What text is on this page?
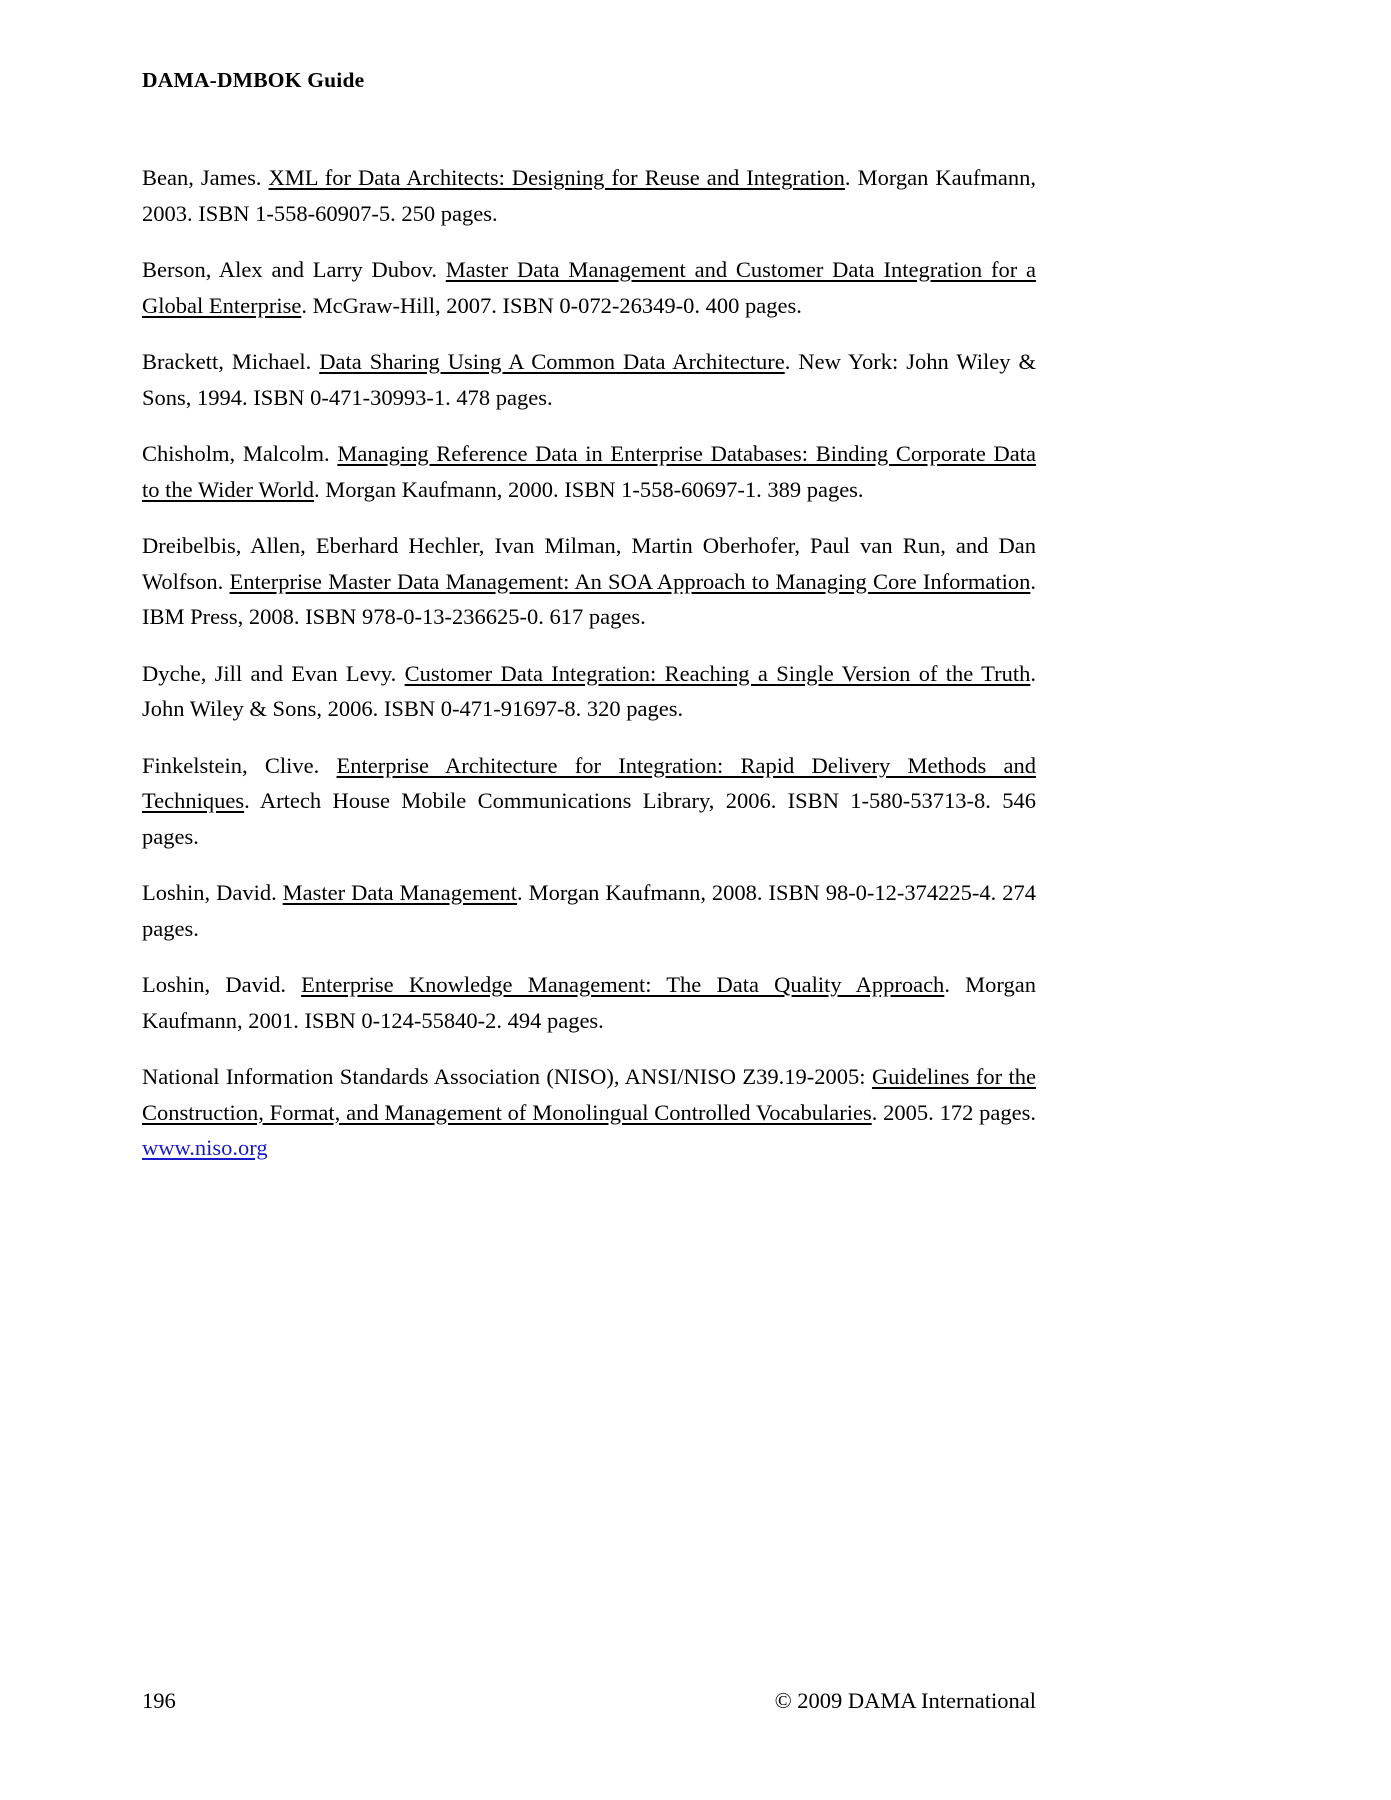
DAMA-DMBOK Guide

Bean, James. XML for Data Architects: Designing for Reuse and Integration. Morgan Kaufmann, 2003. ISBN 1-558-60907-5. 250 pages.

Berson, Alex and Larry Dubov. Master Data Management and Customer Data Integration for a Global Enterprise. McGraw-Hill, 2007. ISBN 0-072-26349-0. 400 pages.

Brackett, Michael. Data Sharing Using A Common Data Architecture. New York: John Wiley & Sons, 1994. ISBN 0-471-30993-1. 478 pages.

Chisholm, Malcolm. Managing Reference Data in Enterprise Databases: Binding Corporate Data to the Wider World. Morgan Kaufmann, 2000. ISBN 1-558-60697-1. 389 pages.

Dreibelbis, Allen, Eberhard Hechler, Ivan Milman, Martin Oberhofer, Paul van Run, and Dan Wolfson. Enterprise Master Data Management: An SOA Approach to Managing Core Information. IBM Press, 2008. ISBN 978-0-13-236625-0. 617 pages.

Dyche, Jill and Evan Levy. Customer Data Integration: Reaching a Single Version of the Truth. John Wiley & Sons, 2006. ISBN 0-471-91697-8. 320 pages.

Finkelstein, Clive. Enterprise Architecture for Integration: Rapid Delivery Methods and Techniques. Artech House Mobile Communications Library, 2006. ISBN 1-580-53713-8. 546 pages.

Loshin, David. Master Data Management. Morgan Kaufmann, 2008. ISBN 98-0-12-374225-4. 274 pages.

Loshin, David. Enterprise Knowledge Management: The Data Quality Approach. Morgan Kaufmann, 2001. ISBN 0-124-55840-2. 494 pages.

National Information Standards Association (NISO), ANSI/NISO Z39.19-2005: Guidelines for the Construction, Format, and Management of Monolingual Controlled Vocabularies. 2005. 172 pages. www.niso.org

196	© 2009 DAMA International
